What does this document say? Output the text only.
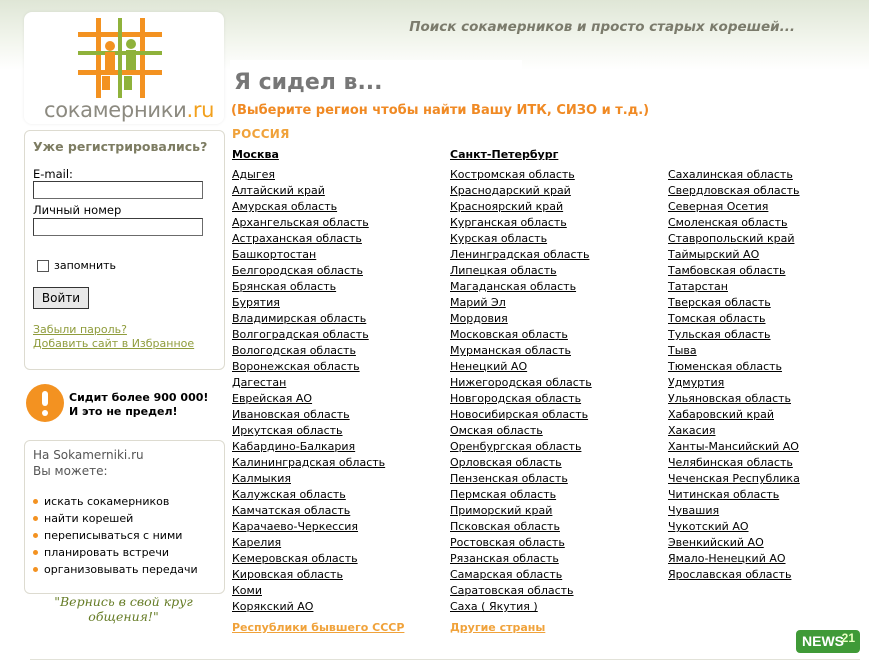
Поиск сокамерников и просто старых корешей...
сокамерники.ru
Я сидел в...
(Выберите регион чтобы найти Вашу ИТК, СИЗО и т.д.)
Уже регистрировались?
E-mail:
Личный номер
запомнить
Войти
Забыли пароль?
Добавить сайт в Избранное
Сидит более 900 000!
И это не предел!
На Sokamerniki.ru
Вы можете:
искать сокамерников
найти корешей
переписываться с ними
планировать встречи
организовывать передачи
"Вернись в свой круг
общения!"
РОССИЯ
Москва	Санкт-Петербург
Адыгея
Алтайский край
Амурская область
Архангельская область
Астраханская область
Башкортостан
Белгородская область
Брянская область
Бурятия
Владимирская область
Волгоградская область
Вологодская область
Воронежская область
Дагестан
Еврейская АО
Ивановская область
Иркутская область
Кабардино-Балкария
Калининградская область
Калмыкия
Калужская область
Камчатская область
Карачаево-Черкессия
Карелия
Кемеровская область
Кировская область
Коми
Корякский АО
Костромская область
Краснодарский край
Красноярский край
Курганская область
Курская область
Ленинградская область
Липецкая область
Магаданская область
Марий Эл
Мордовия
Московская область
Мурманская область
Ненецкий АО
Нижегородская область
Новгородская область
Новосибирская область
Омская область
Оренбургская область
Орловская область
Пензенская область
Пермская область
Приморский край
Псковская область
Ростовская область
Рязанская область
Самарская область
Саратовская область
Саха ( Якутия )
Сахалинская область
Свердловская область
Северная Осетия
Смоленская область
Ставропольский край
Таймырский АО
Тамбовская область
Татарстан
Тверская область
Томская область
Тульская область
Тыва
Тюменская область
Удмуртия
Ульяновская область
Хабаровский край
Хакасия
Ханты-Мансийский АО
Челябинская область
Чеченская Республика
Читинская область
Чувашия
Чукотский АО
Эвенкийский АО
Ямало-Ненецкий АО
Ярославская область
Республики бывшего СССР	Другие страны
NEWS
21
